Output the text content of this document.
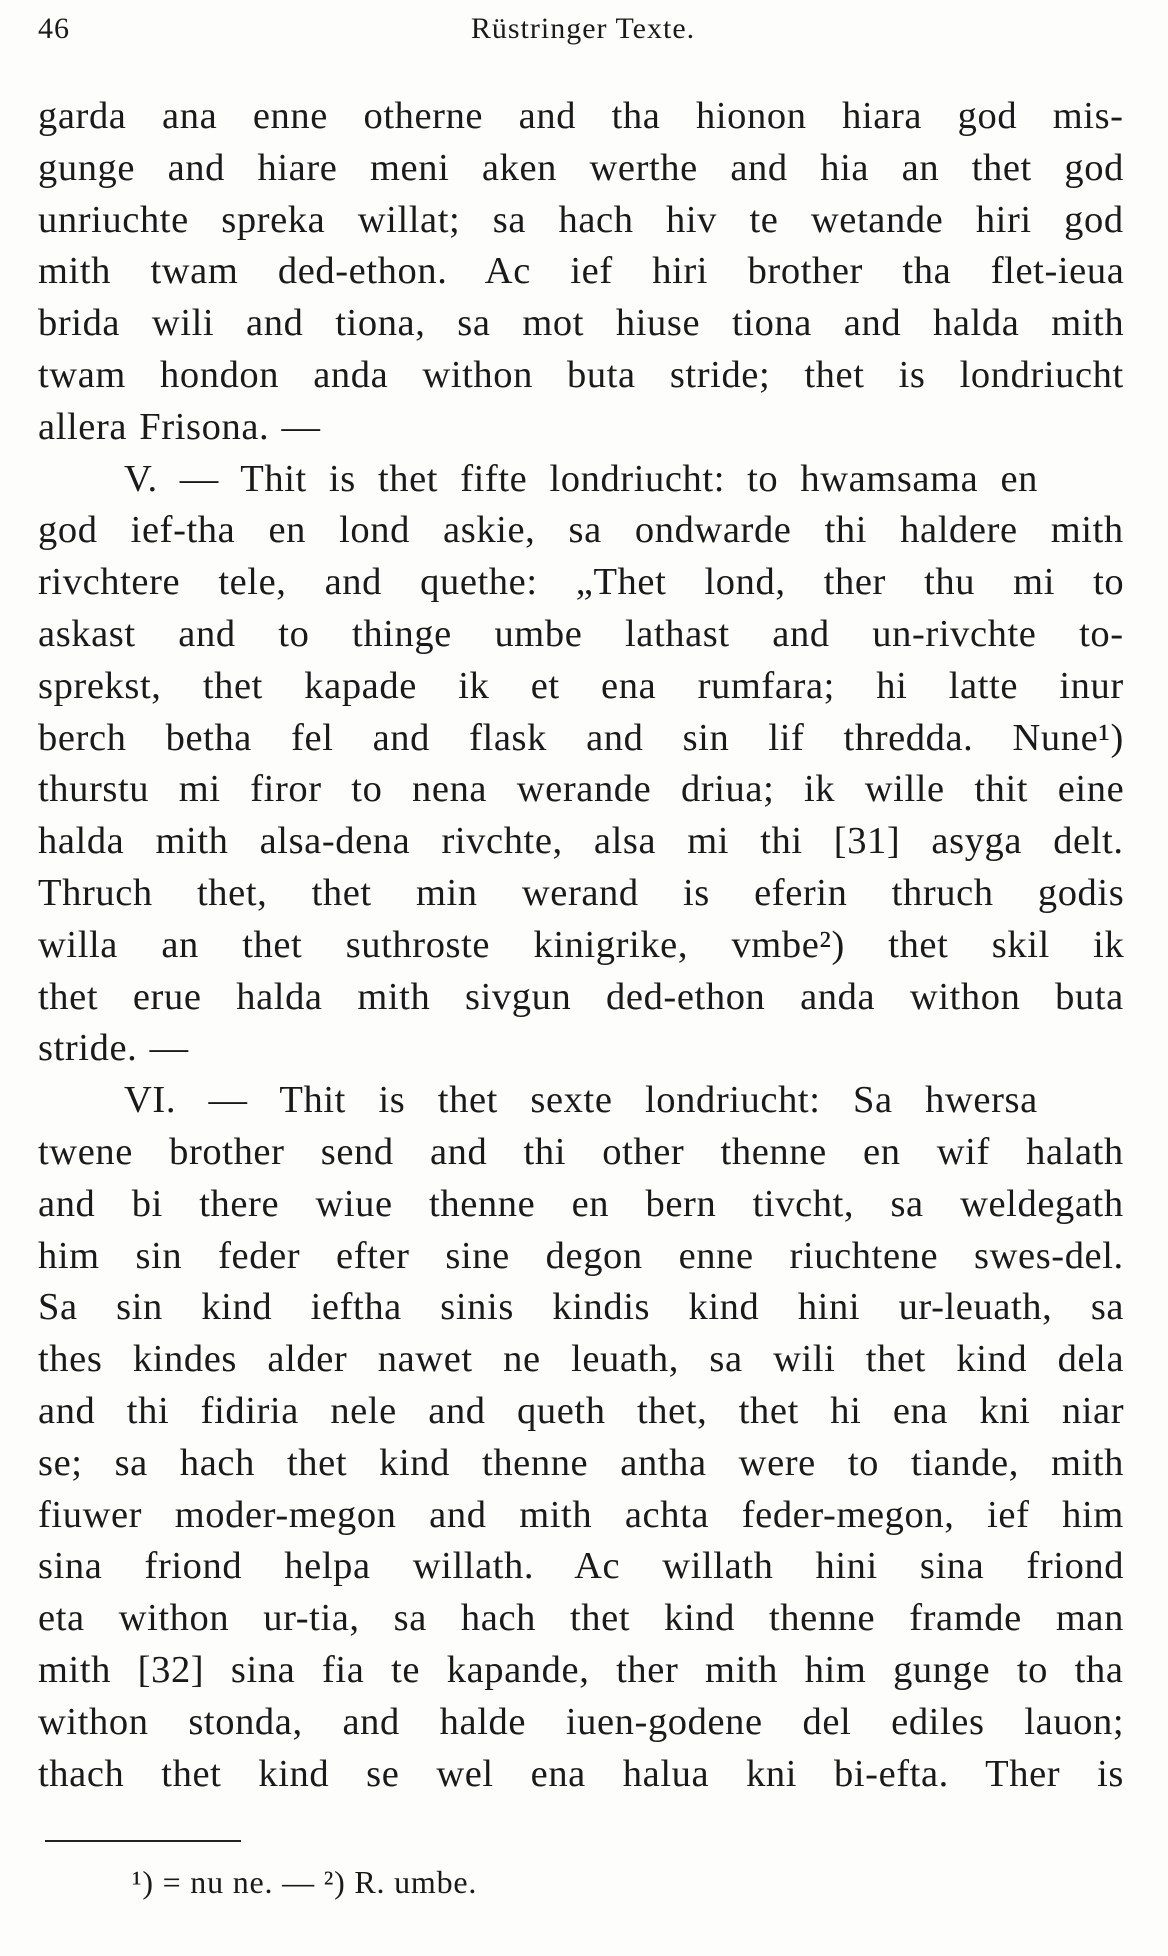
46	Rüstringer Texte.
garda ana enne otherne and tha hionon hiara god mis-
gunge and hiare meni aken werthe and hia an thet god
unriuchte spreka willat; sa hach hiv te wetande hiri god
mith twam ded-ethon. Ac ief hiri brother tha flet-ieua
brida wili and tiona, sa mot hiuse tiona and halda mith
twam hondon anda withon buta stride; thet is londriucht
allera Frisona. —
V. — Thit is thet fifte londriucht: to hwamsama en
god ief-tha en lond askie, sa ondwarde thi haldere mith
rivchtere tele, and quethe: „Thet lond, ther thu mi to
askast and to thinge umbe lathast and un-rivchte to-
sprekst, thet kapade ik et ena rumfara; hi latte inur
berch betha fel and flask and sin lif thredda. Nune¹)
thurstu mi firor to nena werande driua; ik wille thit eine
halda mith alsa-dena rivchte, alsa mi thi [31] asyga delt.
Thruch thet, thet min werand is eferin thruch godis
willa an thet suthroste kinigrike, vmbe²) thet skil ik
thet erue halda mith sivgun ded-ethon anda withon buta
stride. —
VI. — Thit is thet sexte londriucht: Sa hwersa
twene brother send and thi other thenne en wif halath
and bi there wiue thenne en bern tivcht, sa weldegath
him sin feder efter sine degon enne riuchtene swes-del.
Sa sin kind ieftha sinis kindis kind hini ur-leuath, sa
thes kindes alder nawet ne leuath, sa wili thet kind dela
and thi fidiria nele and queth thet, thet hi ena kni niar
se; sa hach thet kind thenne antha were to tiande, mith
fiuwer moder-megon and mith achta feder-megon, ief him
sina friond helpa willath. Ac willath hini sina friond
eta withon ur-tia, sa hach thet kind thenne framde man
mith [32] sina fia te kapande, ther mith him gunge to tha
withon stonda, and halde iuen-godene del ediles lauon;
thach thet kind se wel ena halua kni bi-efta. Ther is
¹) = nu ne. — ²) R. umbe.
